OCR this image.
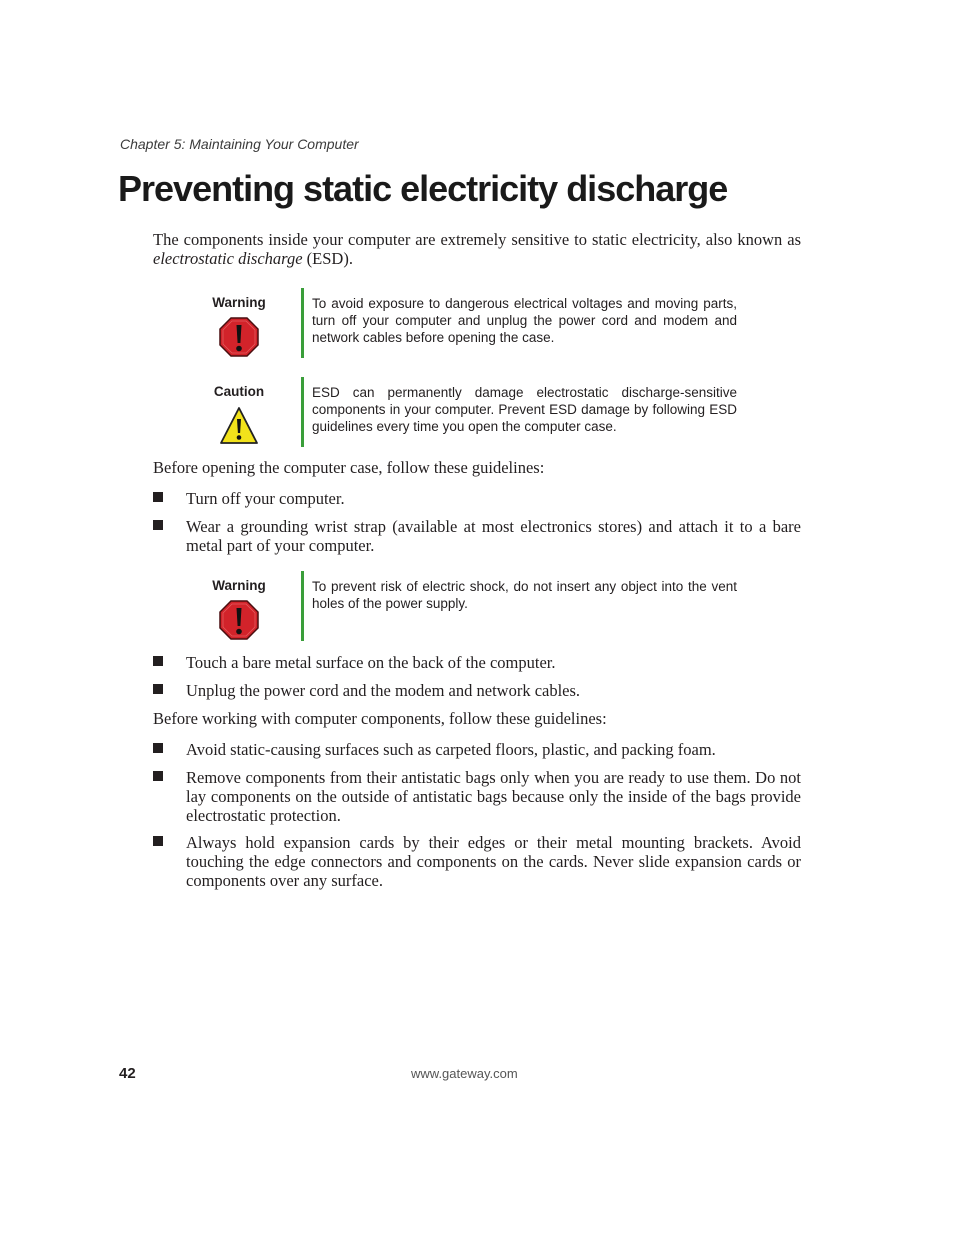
Chapter 5: Maintaining Your Computer
Preventing static electricity discharge
The components inside your computer are extremely sensitive to static electricity, also known as electrostatic discharge (ESD).
Warning	To avoid exposure to dangerous electrical voltages and moving parts, turn off your computer and unplug the power cord and modem and network cables before opening the case.
Caution	ESD can permanently damage electrostatic discharge-sensitive components in your computer. Prevent ESD damage by following ESD guidelines every time you open the computer case.
Before opening the computer case, follow these guidelines:
Turn off your computer.
Wear a grounding wrist strap (available at most electronics stores) and attach it to a bare metal part of your computer.
Warning	To prevent risk of electric shock, do not insert any object into the vent holes of the power supply.
Touch a bare metal surface on the back of the computer.
Unplug the power cord and the modem and network cables.
Before working with computer components, follow these guidelines:
Avoid static-causing surfaces such as carpeted floors, plastic, and packing foam.
Remove components from their antistatic bags only when you are ready to use them. Do not lay components on the outside of antistatic bags because only the inside of the bags provide electrostatic protection.
Always hold expansion cards by their edges or their metal mounting brackets. Avoid touching the edge connectors and components on the cards. Never slide expansion cards or components over any surface.
42	www.gateway.com
